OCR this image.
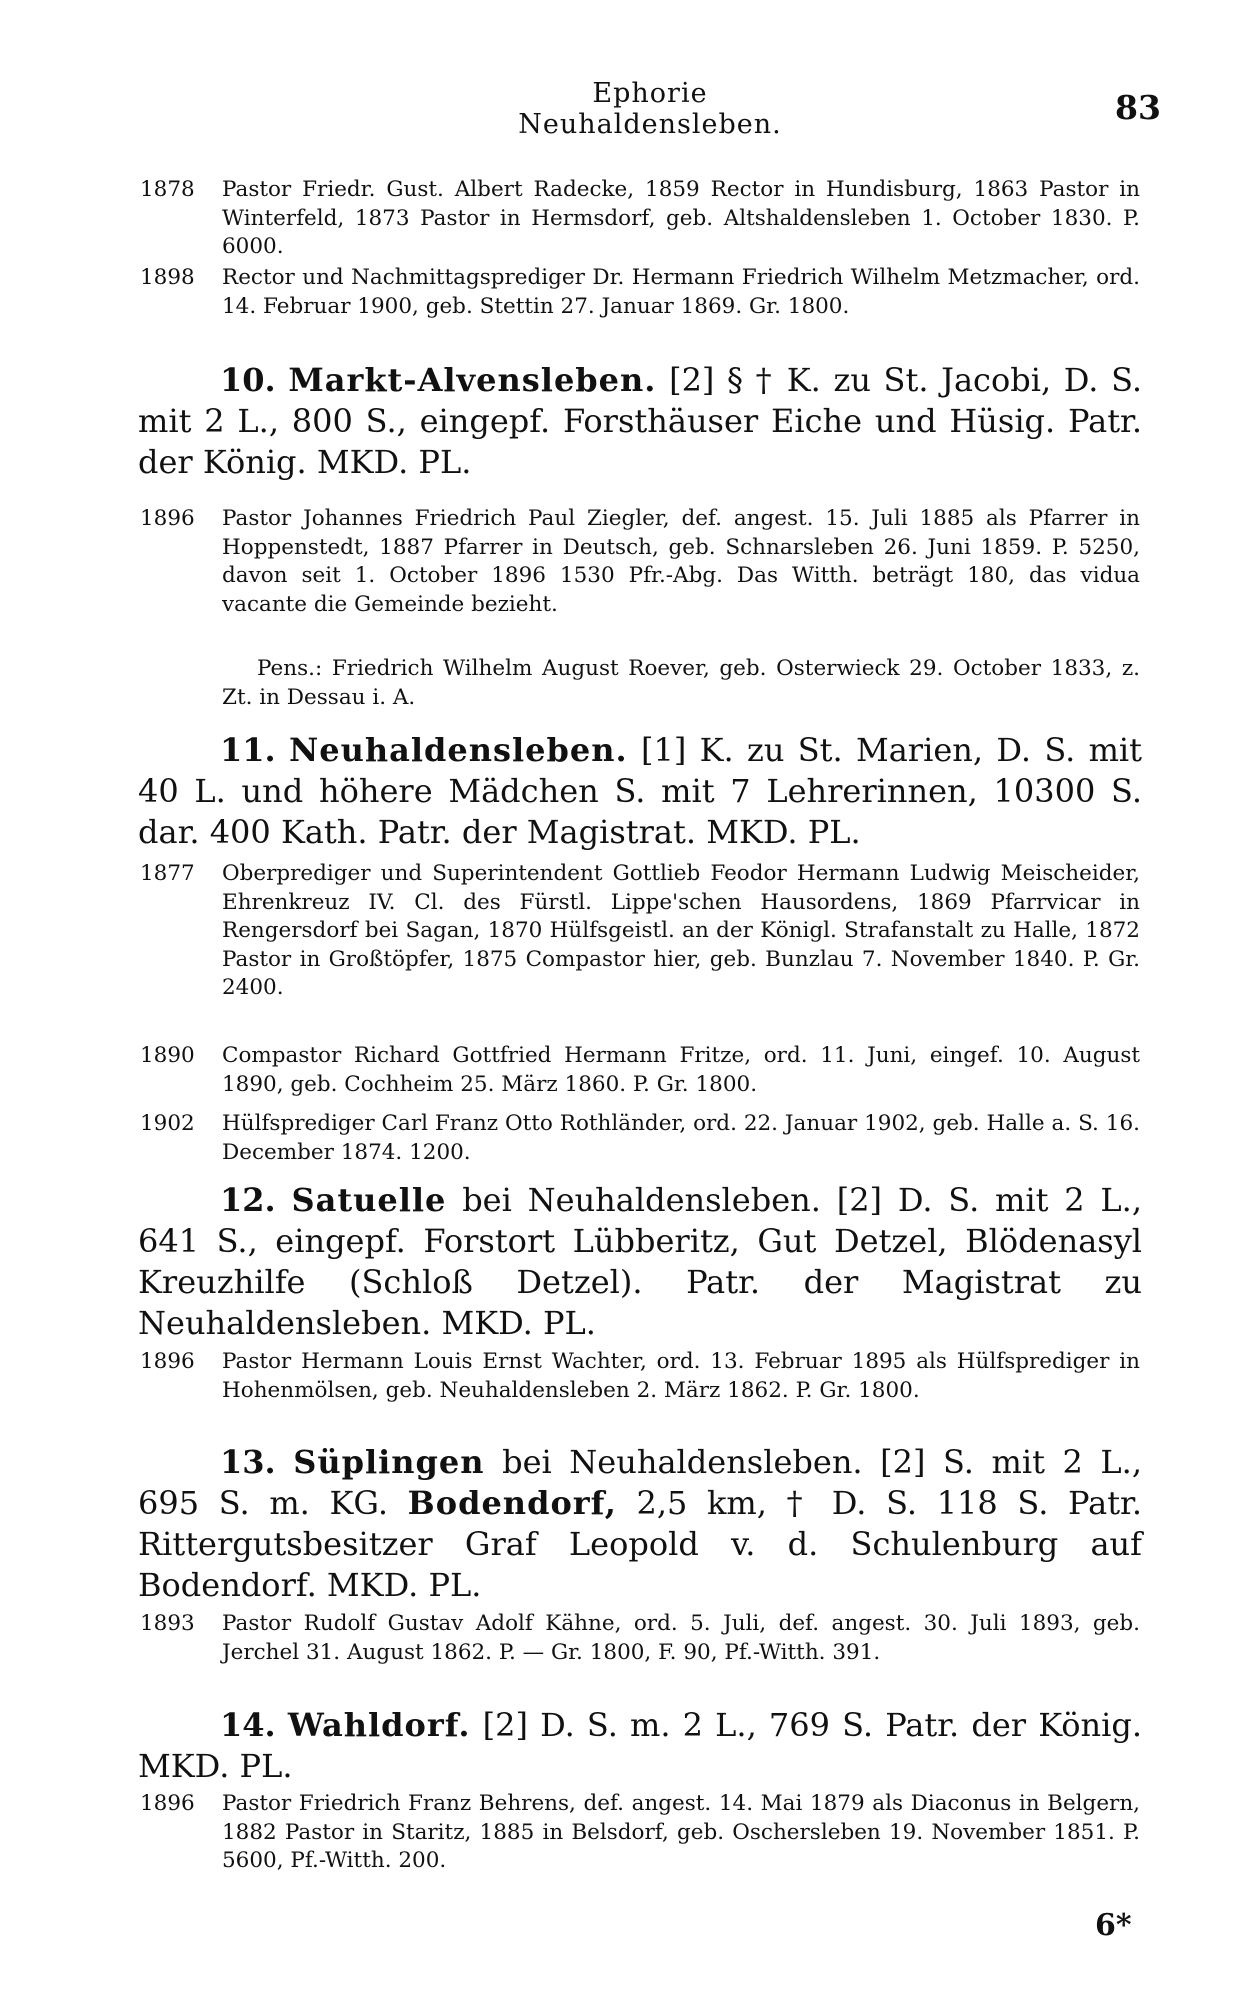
Ephorie Neuhaldensleben.	83
1878	Pastor Friedr. Gust. Albert Radecke, 1859 Rector in Hundisburg, 1863 Pastor in Winterfeld, 1873 Pastor in Hermsdorf, geb. Altshaldensleben 1. October 1830. P. 6000.
1898	Rector und Nachmittagsprediger Dr. Hermann Friedrich Wilhelm Metzmacher, ord. 14. Februar 1900, geb. Stettin 27. Januar 1869. Gr. 1800.
10. Markt-Alvensleben. [2] § † K. zu St. Jacobi, D. S. mit 2 L., 800 S., eingepf. Forsthäuser Eiche und Hüsig. Patr. der König. MKD. PL.
1896	Pastor Johannes Friedrich Paul Ziegler, def. angest. 15. Juli 1885 als Pfarrer in Hoppenstedt, 1887 Pfarrer in Deutsch, geb. Schnarsleben 26. Juni 1859. P. 5250, davon seit 1. October 1896 1530 Pfr.-Abg. Das Witth. beträgt 180, das vidua vacante die Gemeinde bezieht.
Pens.: Friedrich Wilhelm August Roever, geb. Osterwieck 29. October 1833, z. Zt. in Dessau i. A.
11. Neuhaldensleben. [1] K. zu St. Marien, D. S. mit 40 L. und höhere Mädchen S. mit 7 Lehrerinnen, 10300 S. dar. 400 Kath. Patr. der Magistrat. MKD. PL.
1877	Oberprediger und Superintendent Gottlieb Feodor Hermann Ludwig Meischeider, Ehrenkreuz IV. Cl. des Fürstl. Lippe'schen Hausordens, 1869 Pfarrvicar in Rengersdorf bei Sagan, 1870 Hülfsgeistl. an der Königl. Strafanstalt zu Halle, 1872 Pastor in Großtöpfer, 1875 Compastor hier, geb. Bunzlau 7. November 1840. P. Gr. 2400.
1890	Compastor Richard Gottfried Hermann Fritze, ord. 11. Juni, eingef. 10. August 1890, geb. Cochheim 25. März 1860. P. Gr. 1800.
1902	Hülfsprediger Carl Franz Otto Rothländer, ord. 22. Januar 1902, geb. Halle a. S. 16. December 1874. 1200.
12. Satuelle bei Neuhaldensleben. [2] D. S. mit 2 L., 641 S., eingepf. Forstort Lübberitz, Gut Detzel, Blödenasyl Kreuzhilfe (Schloß Detzel). Patr. der Magistrat zu Neuhaldensleben. MKD. PL.
1896	Pastor Hermann Louis Ernst Wachter, ord. 13. Februar 1895 als Hülfsprediger in Hohenmölsen, geb. Neuhaldensleben 2. März 1862. P. Gr. 1800.
13. Süplingen bei Neuhaldensleben. [2] S. mit 2 L., 695 S. m. KG. Bodendorf, 2,5 km, † D. S. 118 S. Patr. Rittergutsbesitzer Graf Leopold v. d. Schulenburg auf Bodendorf. MKD. PL.
1893	Pastor Rudolf Gustav Adolf Kähne, ord. 5. Juli, def. angest. 30. Juli 1893, geb. Jerchel 31. August 1862. P. — Gr. 1800, F. 90, Pf.-Witth. 391.
14. Wahldorf. [2] D. S. m. 2 L., 769 S. Patr. der König. MKD. PL.
1896	Pastor Friedrich Franz Behrens, def. angest. 14. Mai 1879 als Diaconus in Belgern, 1882 Pastor in Staritz, 1885 in Belsdorf, geb. Oschersleben 19. November 1851. P. 5600, Pf.-Witth. 200.
6*
